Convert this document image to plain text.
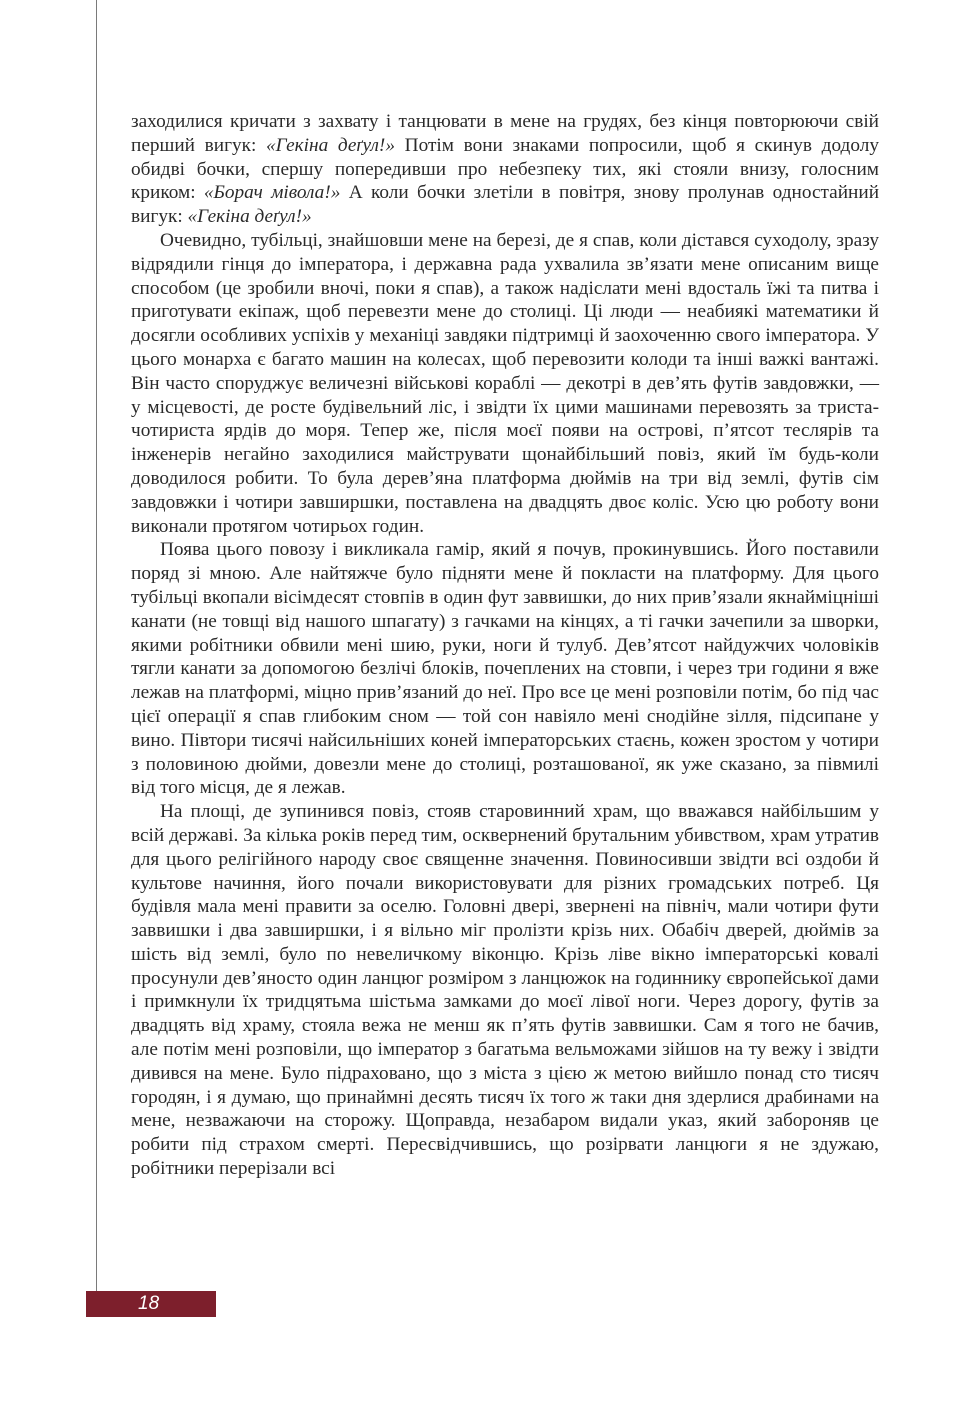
заходилися кричати з захвату і танцювати в мене на грудях, без кінця повторюючи свій перший вигук: «Гекіна деґул!» Потім вони знаками попросили, щоб я скинув додолу обидві бочки, спершу попередивши про небезпеку тих, які стояли внизу, голосним криком: «Борач мівола!» А коли бочки злетіли в повітря, знову пролунав одностайний вигук: «Гекіна деґул!»

Очевидно, тубільці, знайшовши мене на березі, де я спав, коли дістався суходолу, зразу відрядили гінця до імператора, і державна рада ухвалила зв’язати мене описаним вище способом (це зробили вночі, поки я спав), а також надіслати мені вдосталь їжі та питва і приготувати екіпаж, щоб перевезти мене до столиці. Ці люди — неабиякі математики й досягли особливих успіхів у механіці завдяки підтримці й заохоченню свого імператора. У цього монарха є багато машин на колесах, щоб перевозити колоди та інші важкі вантажі. Він часто споруджує величезні військові кораблі — декотрі в дев’ять футів завдовжки, — у місцевості, де росте будівельний ліс, і звідти їх цими машинами перевозять за триста-чотириста ярдів до моря. Тепер же, після моєї появи на острові, п’ятсот теслярів та інженерів негайно заходилися майструвати щонайбільший повіз, який їм будь-коли доводилося робити. То була дерев’яна платформа дюймів на три від землі, футів сім завдовжки і чотири завширшки, поставлена на двадцять двоє коліс. Усю цю роботу вони виконали протягом чотирьох годин.

Поява цього повозу і викликала гамір, який я почув, прокинувшись. Його поставили поряд зі мною. Але найтяжче було підняти мене й покласти на платформу. Для цього тубільці вкопали вісімдесят стовпів в один фут заввишки, до них прив’язали якнайміцніші канати (не товщі від нашого шпагату) з гачками на кінцях, а ті гачки зачепили за шворки, якими робітники обвили мені шию, руки, ноги й тулуб. Дев’ятсот найдужчих чоловіків тягли канати за допомогою безлічі блоків, почеплених на стовпи, і через три години я вже лежав на платформі, міцно прив’язаний до неї. Про все це мені розповіли потім, бо під час цієї операції я спав глибоким сном — той сон навіяло мені снодійне зілля, підсипане у вино. Півтори тисячі найсильніших коней імператорських стаєнь, кожен зростом у чотири з половиною дюйми, довезли мене до столиці, розташованої, як уже сказано, за півмилі від того місця, де я лежав.

На площі, де зупинився повіз, стояв старовинний храм, що вважався найбільшим у всій державі. За кілька років перед тим, осквернений брутальним убивством, храм утратив для цього релігійного народу своє священне значення. Повиносивши звідти всі оздоби й культове начиння, його почали використовувати для різних громадських потреб. Ця будівля мала мені правити за оселю. Головні двері, звернені на північ, мали чотири фути заввишки і два завширшки, і я вільно міг пролізти крізь них. Обабіч дверей, дюймів за шість від землі, було по невеличкому віконцю. Крізь ліве вікно імператорські ковалі просунули дев’яносто один ланцюг розміром з ланцюжок на годиннику європейської дами і примкнули їх тридцятьма шістьма замками до моєї лівої ноги. Через дорогу, футів за двадцять від храму, стояла вежа не менш як п’ять футів заввишки. Сам я того не бачив, але потім мені розповіли, що імператор з багатьма вельможами зійшов на ту вежу і звідти дивився на мене. Було підраховано, що з міста з цією ж метою вийшло понад сто тисяч городян, і я думаю, що принаймні десять тисяч їх того ж таки дня здерлися драбинами на мене, незважаючи на сторожу. Щоправда, незабаром видали указ, який забороняв це робити під страхом смерті. Пересвідчившись, що розірвати ланцюги я не здужаю, робітники перерізали всі

18
